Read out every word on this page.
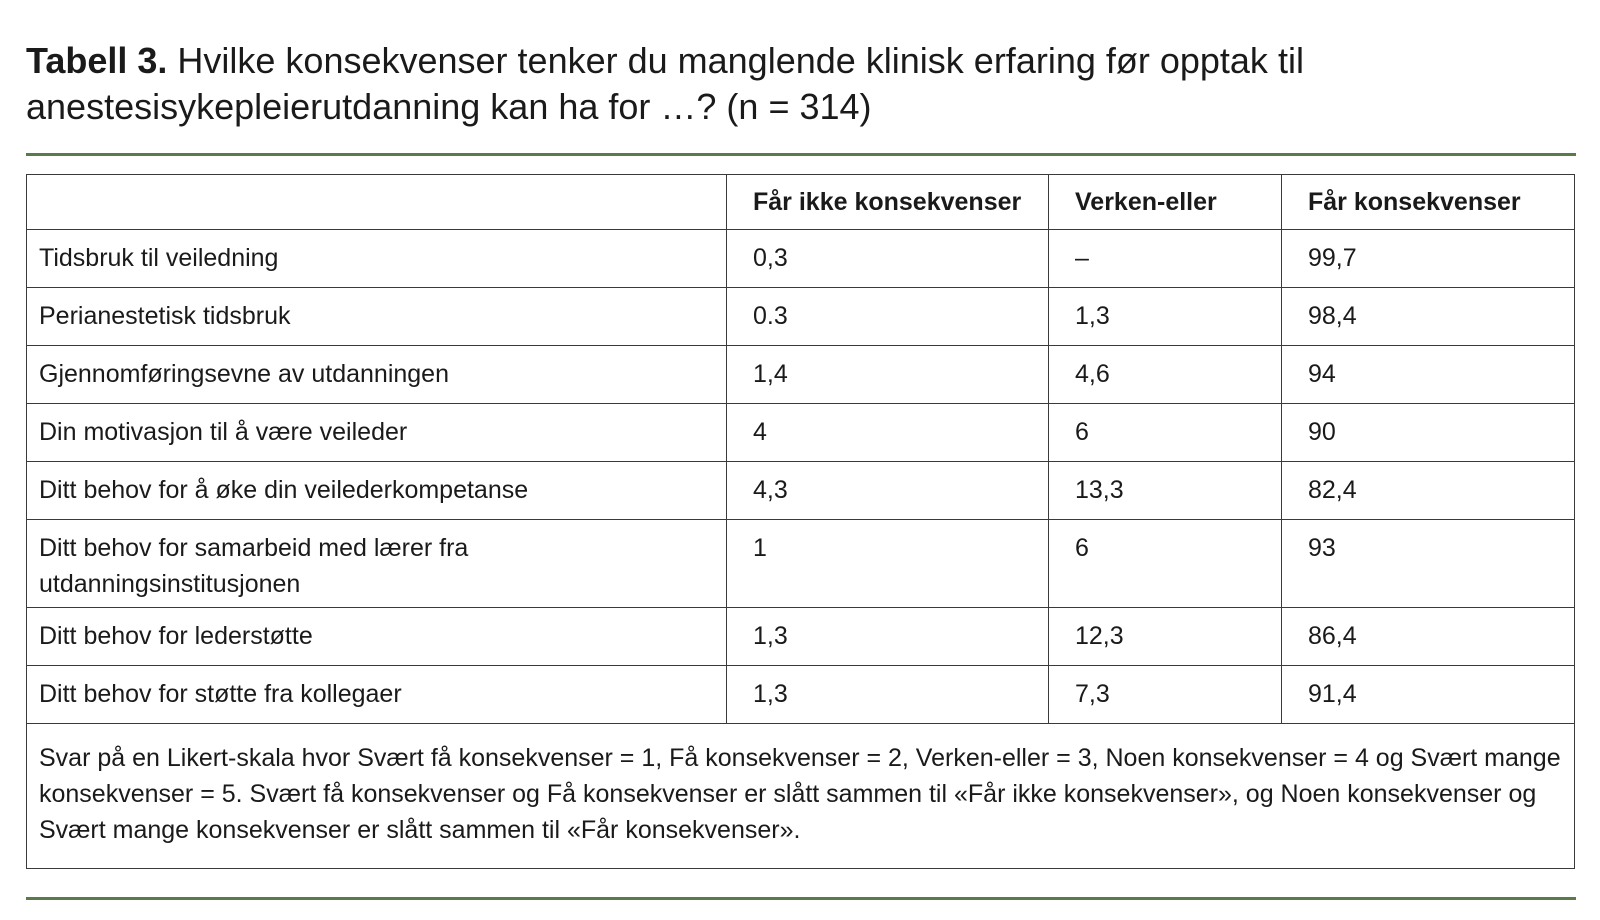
Tabell 3. Hvilke konsekvenser tenker du manglende klinisk erfaring før opptak til anestesisykepleierutdanning kan ha for …? (n = 314)
	Får ikke konsekvenser	Verken-eller	Får konsekvenser
Tidsbruk til veiledning	0,3	–	99,7
Perianestetisk tidsbruk	0.3	1,3	98,4
Gjennomføringsevne av utdanningen	1,4	4,6	94
Din motivasjon til å være veileder	4	6	90
Ditt behov for å øke din veilederkompetanse	4,3	13,3	82,4
Ditt behov for samarbeid med lærer fra utdanningsinstitusjonen	1	6	93
Ditt behov for lederstøtte	1,3	12,3	86,4
Ditt behov for støtte fra kollegaer	1,3	7,3	91,4
Svar på en Likert-skala hvor Svært få konsekvenser = 1, Få konsekvenser = 2, Verken-eller = 3, Noen konsekvenser = 4 og Svært mange konsekvenser = 5. Svært få konsekvenser og Få konsekvenser er slått sammen til «Får ikke konsekvenser», og Noen konsekvenser og Svært mange konsekvenser er slått sammen til «Får konsekvenser».			
